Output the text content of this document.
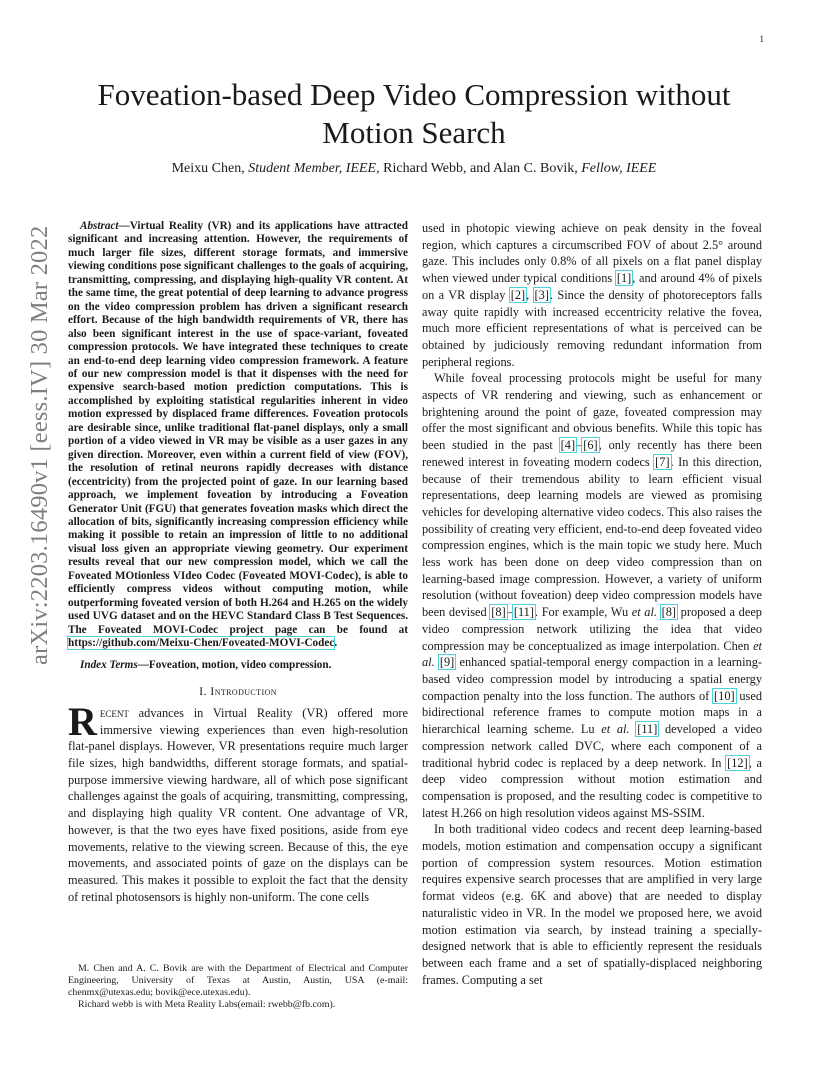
1
arXiv:2203.16490v1 [eess.IV] 30 Mar 2022
Foveation-based Deep Video Compression without Motion Search
Meixu Chen, Student Member, IEEE, Richard Webb, and Alan C. Bovik, Fellow, IEEE

Abstract—Virtual Reality (VR) and its applications have attracted significant and increasing attention. However, the requirements of much larger file sizes, different storage formats, and immersive viewing conditions pose significant challenges to the goals of acquiring, transmitting, compressing, and displaying high-quality VR content. At the same time, the great potential of deep learning to advance progress on the video compression problem has driven a significant research effort. Because of the high bandwidth requirements of VR, there has also been significant interest in the use of space-variant, foveated compression protocols. We have integrated these techniques to create an end-to-end deep learning video compression framework. A feature of our new compression model is that it dispenses with the need for expensive search-based motion prediction computations. This is accomplished by exploiting statistical regularities inherent in video motion expressed by displaced frame differences. Foveation protocols are desirable since, unlike traditional flat-panel displays, only a small portion of a video viewed in VR may be visible as a user gazes in any given direction. Moreover, even within a current field of view (FOV), the resolution of retinal neurons rapidly decreases with distance (eccentricity) from the projected point of gaze. In our learning based approach, we implement foveation by introducing a Foveation Generator Unit (FGU) that generates foveation masks which direct the allocation of bits, significantly increasing compression efficiency while making it possible to retain an impression of little to no additional visual loss given an appropriate viewing geometry. Our experiment results reveal that our new compression model, which we call the Foveated MOtionless VIdeo Codec (Foveated MOVI-Codec), is able to efficiently compress videos without computing motion, while outperforming foveated version of both H.264 and H.265 on the widely used UVG dataset and on the HEVC Standard Class B Test Sequences. The Foveated MOVI-Codec project page can be found at https://github.com/Meixu-Chen/Foveated-MOVI-Codec.

Index Terms—Foveation, motion, video compression.

I. Introduction

Recent advances in Virtual Reality (VR) offered more immersive viewing experiences than even high-resolution flat-panel displays. However, VR presentations require much larger file sizes, high bandwidths, different storage formats, and spatial-purpose immersive viewing hardware, all of which pose significant challenges against the goals of acquiring, transmitting, compressing, and displaying high quality VR content. One advantage of VR, however, is that the two eyes have fixed positions, aside from eye movements, relative to the viewing screen. Because of this, the eye movements, and associated points of gaze on the displays can be measured. This makes it possible to exploit the fact that the density of retinal photosensors is highly non-uniform. The cone cells

used in photopic viewing achieve on peak density in the foveal region, which captures a circumscribed FOV of about 2.5° around gaze. This includes only 0.8% of all pixels on a flat panel display when viewed under typical conditions [1], and around 4% of pixels on a VR display [2], [3]. Since the density of photoreceptors falls away quite rapidly with increased eccentricity relative the fovea, much more efficient representations of what is perceived can be obtained by judiciously removing redundant information from peripheral regions.

While foveal processing protocols might be useful for many aspects of VR rendering and viewing, such as enhancement or brightening around the point of gaze, foveated compression may offer the most significant and obvious benefits. While this topic has been studied in the past [4]–[6], only recently has there been renewed interest in foveating modern codecs [7]. In this direction, because of their tremendous ability to learn efficient visual representations, deep learning models are viewed as promising vehicles for developing alternative video codecs. This also raises the possibility of creating very efficient, end-to-end deep foveated video compression engines, which is the main topic we study here. Much less work has been done on deep video compression than on learning-based image compression. However, a variety of uniform resolution (without foveation) deep video compression models have been devised [8]–[11]. For example, Wu et al. [8] proposed a deep video compression network utilizing the idea that video compression may be conceptualized as image interpolation. Chen et al. [9] enhanced spatial-temporal energy compaction in a learning-based video compression model by introducing a spatial energy compaction penalty into the loss function. The authors of [10] used bidirectional reference frames to compute motion maps in a hierarchical learning scheme. Lu et al. [11] developed a video compression network called DVC, where each component of a traditional hybrid codec is replaced by a deep network. In [12], a deep video compression without motion estimation and compensation is proposed, and the resulting codec is competitive to latest H.266 on high resolution videos against MS-SSIM.

In both traditional video codecs and recent deep learning-based models, motion estimation and compensation occupy a significant portion of compression system resources. Motion estimation requires expensive search processes that are amplified in very large format videos (e.g. 6K and above) that are needed to display naturalistic video in VR. In the model we proposed here, we avoid motion estimation via search, by instead training a specially-designed network that is able to efficiently represent the residuals between each frame and a set of spatially-displaced neighboring frames. Computing a set

M. Chen and A. C. Bovik are with the Department of Electrical and Computer Engineering, University of Texas at Austin, Austin, USA (e-mail: chenmx@utexas.edu; bovik@ece.utexas.edu).

Richard webb is with Meta Reality Labs(email: rwebb@fb.com).
